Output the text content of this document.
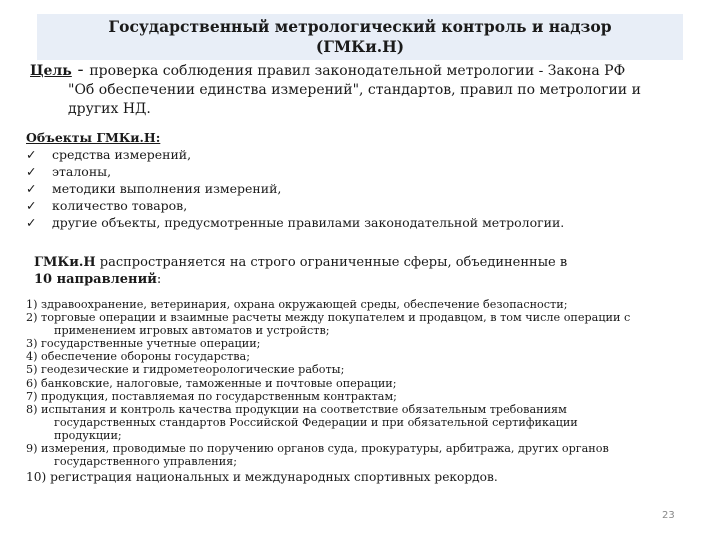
Государственный метрологический контроль и надзор
(ГМКи.Н)
Цель - проверка соблюдения правил законодательной метрологии - Закона РФ
"Об обеспечении единства измерений", стандартов, правил по метрологии и
других НД.
Объекты ГМКи.Н:
✓	средства измерений,
✓	эталоны,
✓	методики выполнения измерений,
✓	количество товаров,
✓	другие объекты, предусмотренные правилами законодательной метрологии.
ГМКи.Н распространяется на строго ограниченные сферы, объединенные в
10 направлений:
1) здравоохранение, ветеринария, охрана окружающей среды, обеспечение безопасности;
2) торговые операции и взаимные расчеты между покупателем и продавцом, в том числе операции с
применением игровых автоматов и устройств;
3) государственные учетные операции;
4) обеспечение обороны государства;
5) геодезические и гидрометеорологические работы;
6) банковские, налоговые, таможенные и почтовые операции;
7) продукция, поставляемая по государственным контрактам;
8) испытания и контроль качества продукции на соответствие обязательным требованиям
государственных стандартов Российской Федерации и при обязательной сертификации
продукции;
9) измерения, проводимые по поручению органов суда, прокуратуры, арбитража, других органов
государственного управления;
10) регистрация национальных и международных спортивных рекордов.
23
